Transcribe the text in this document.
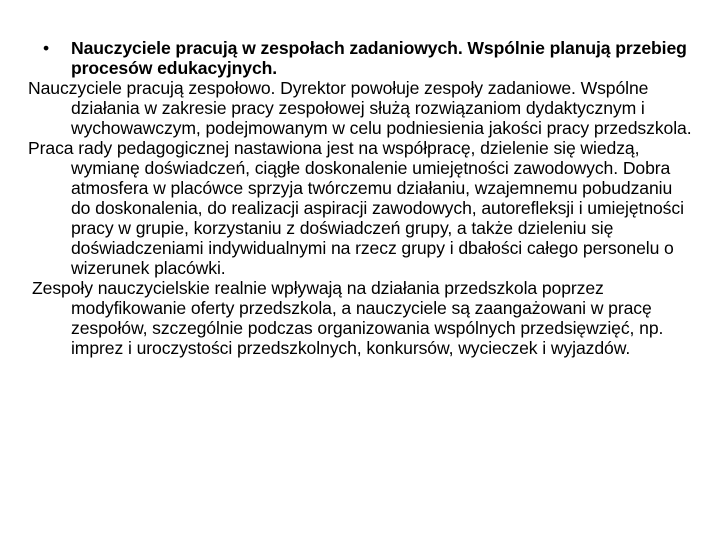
• Nauczyciele pracują w zespołach zadaniowych. Wspólnie planują przebieg procesów edukacyjnych.

Nauczyciele pracują zespołowo. Dyrektor powołuje zespoły zadaniowe. Wspólne działania w zakresie pracy zespołowej służą rozwiązaniom dydaktycznym i wychowawczym, podejmowanym w celu podniesienia jakości pracy przedszkola.

Praca rady pedagogicznej nastawiona jest na współpracę, dzielenie się wiedzą, wymianę doświadczeń, ciągłe doskonalenie umiejętności zawodowych. Dobra atmosfera w placówce sprzyja twórczemu działaniu, wzajemnemu pobudzaniu do doskonalenia, do realizacji aspiracji zawodowych, autorefleksji i umiejętności pracy w grupie, korzystaniu z doświadczeń grupy, a także dzieleniu się doświadczeniami indywidualnymi na rzecz grupy i dbałości całego personelu o wizerunek placówki.

Zespoły nauczycielskie realnie wpływają na działania przedszkola poprzez modyfikowanie oferty przedszkola, a nauczyciele są zaangażowani w pracę zespołów, szczególnie podczas organizowania wspólnych przedsięwzięć, np. imprez i uroczystości przedszkolnych, konkursów, wycieczek i wyjazdów.
